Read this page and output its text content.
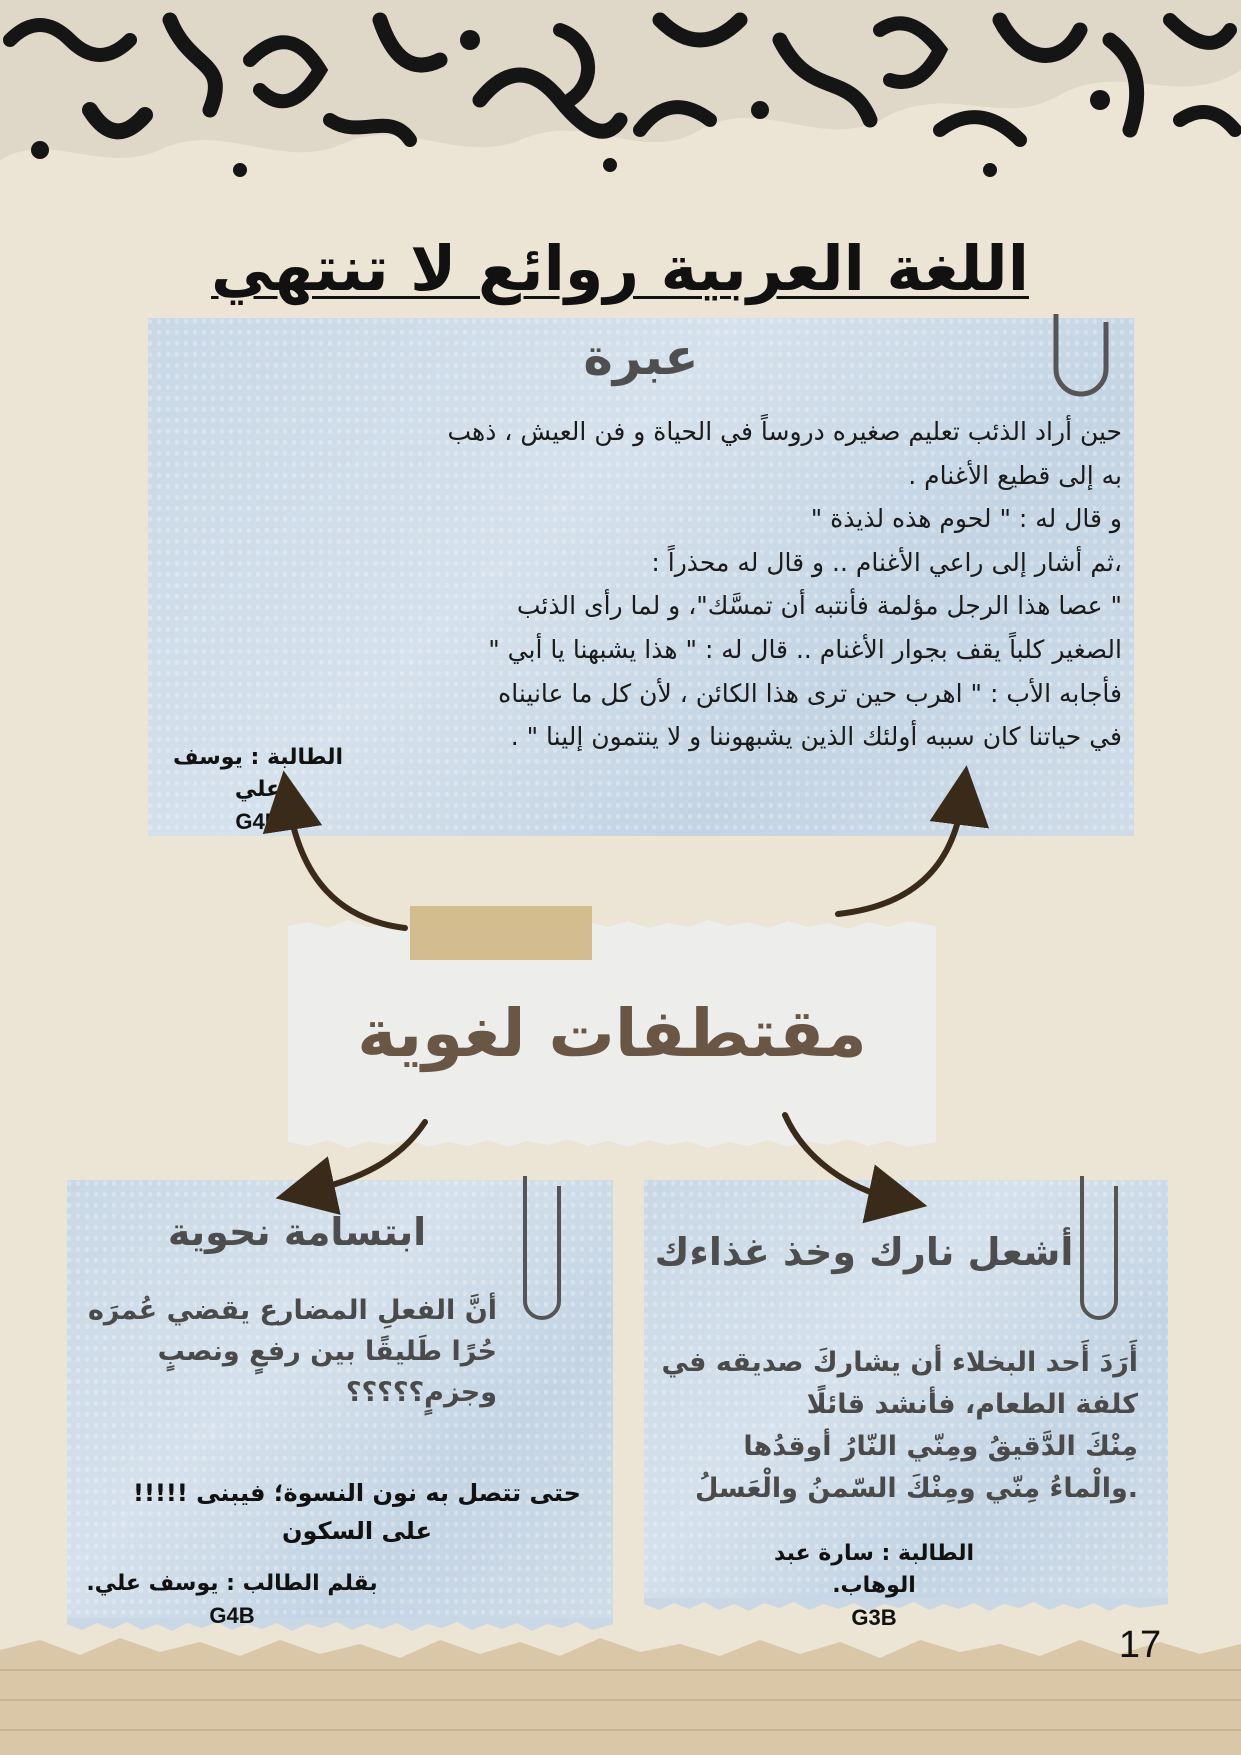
اللغة العربية روائع لا تنتهي
عبرة
حين أراد الذئب تعليم صغيره دروساً في الحياة و فن العيش ، ذهب
به إلى قطيع الأغنام .
و قال له : " لحوم هذه لذيذة "
،ثم أشار إلى راعي الأغنام .. و قال له محذراً :
" عصا هذا الرجل مؤلمة فأنتبه أن تمسَّك"، و لما رأى الذئب
الصغير كلباً يقف بجوار الأغنام .. قال له : " هذا يشبهنا يا أبي "
فأجابه الأب : " اهرب حين ترى هذا الكائن ، لأن كل ما عانيناه
في حياتنا كان سببه أولئك الذين يشبهوننا و لا ينتمون إلينا " .
الطالبة : يوسف علي
G4B
مقتطفات لغوية
ابتسامة نحوية
أنَّ الفعلِ المضارع يقضي عُمرَه
حُرًا طَليقًا بين رفعٍ ونصبٍ
وجزمٍ؟؟؟؟؟
حتى تتصل به نون النسوة؛ فيبنى !!!!!
على السكون
بقلم الطالب : يوسف علي.
G4B
أشعل نارك وخذ غذاءك
أَرَدَ أَحد البخلاء أن يشاركَ صديقه في
كلفة الطعام، فأنشد قائلًا
مِنْكَ الدَّقيقُ ومِنّي النّارُ أوقدُها
.والْماءُ مِنّي ومِنْكَ السّمنُ والْعَسلُ
الطالبة : سارة عبد الوهاب.
G3B
17
